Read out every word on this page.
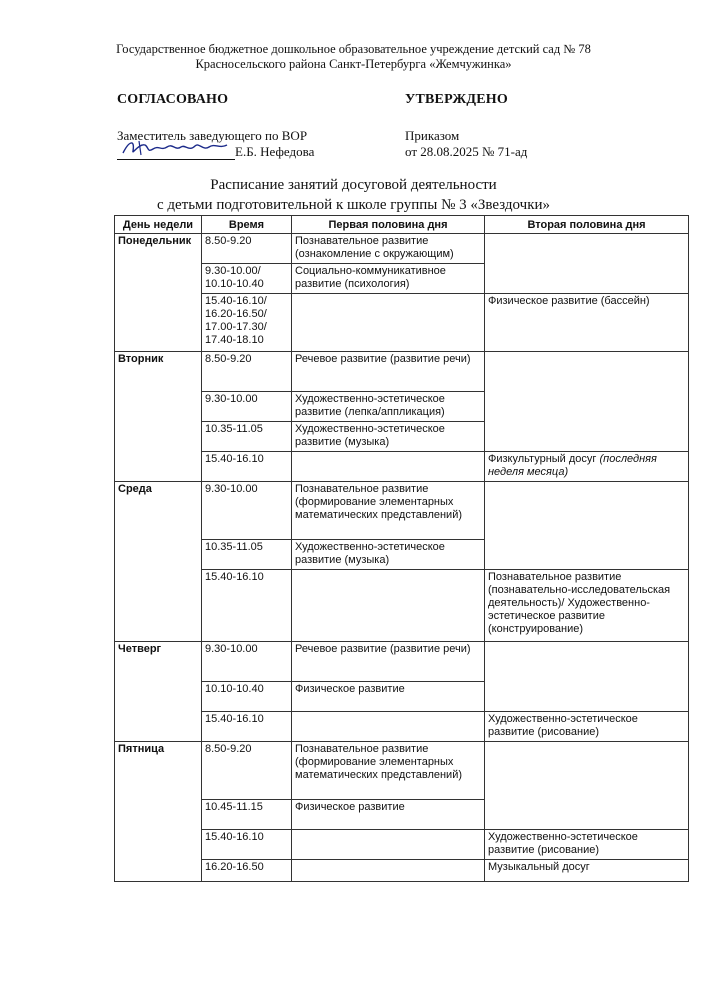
Государственное бюджетное дошкольное образовательное учреждение детский сад № 78
Красносельского района Санкт-Петербурга «Жемчужинка»
СОГЛАСОВАНО
Заместитель заведующего по ВОР
Е.Б. Нефедова
УТВЕРЖДЕНО
Приказом
от 28.08.2025 № 71-ад
Расписание занятий досуговой деятельности
с детьми подготовительной к школе группы № 3 «Звездочки»
День недели	Время	Первая половина дня	Вторая половина дня
Понедельник	8.50-9.20	Познавательное развитие (ознакомление с окружающим)	
	9.30-10.00/ 10.10-10.40	Социально-коммуникативное развитие (психология)	
	15.40-16.10/ 16.20-16.50/ 17.00-17.30/ 17.40-18.10		Физическое развитие (бассейн)
Вторник	8.50-9.20	Речевое развитие (развитие речи)	
	9.30-10.00	Художественно-эстетическое развитие (лепка/аппликация)	
	10.35-11.05	Художественно-эстетическое развитие (музыка)	
	15.40-16.10		Физкультурный досуг (последняя неделя месяца)
Среда	9.30-10.00	Познавательное развитие (формирование элементарных математических представлений)	
	10.35-11.05	Художественно-эстетическое развитие (музыка)	
	15.40-16.10		Познавательное развитие (познавательно-исследовательская деятельность)/ Художественно-эстетическое развитие (конструирование)
Четверг	9.30-10.00	Речевое развитие (развитие речи)	
	10.10-10.40	Физическое развитие	
	15.40-16.10		Художественно-эстетическое развитие (рисование)
Пятница	8.50-9.20	Познавательное развитие (формирование элементарных математических представлений)	
	10.45-11.15	Физическое развитие	
	15.40-16.10		Художественно-эстетическое развитие (рисование)
	16.20-16.50		Музыкальный досуг
